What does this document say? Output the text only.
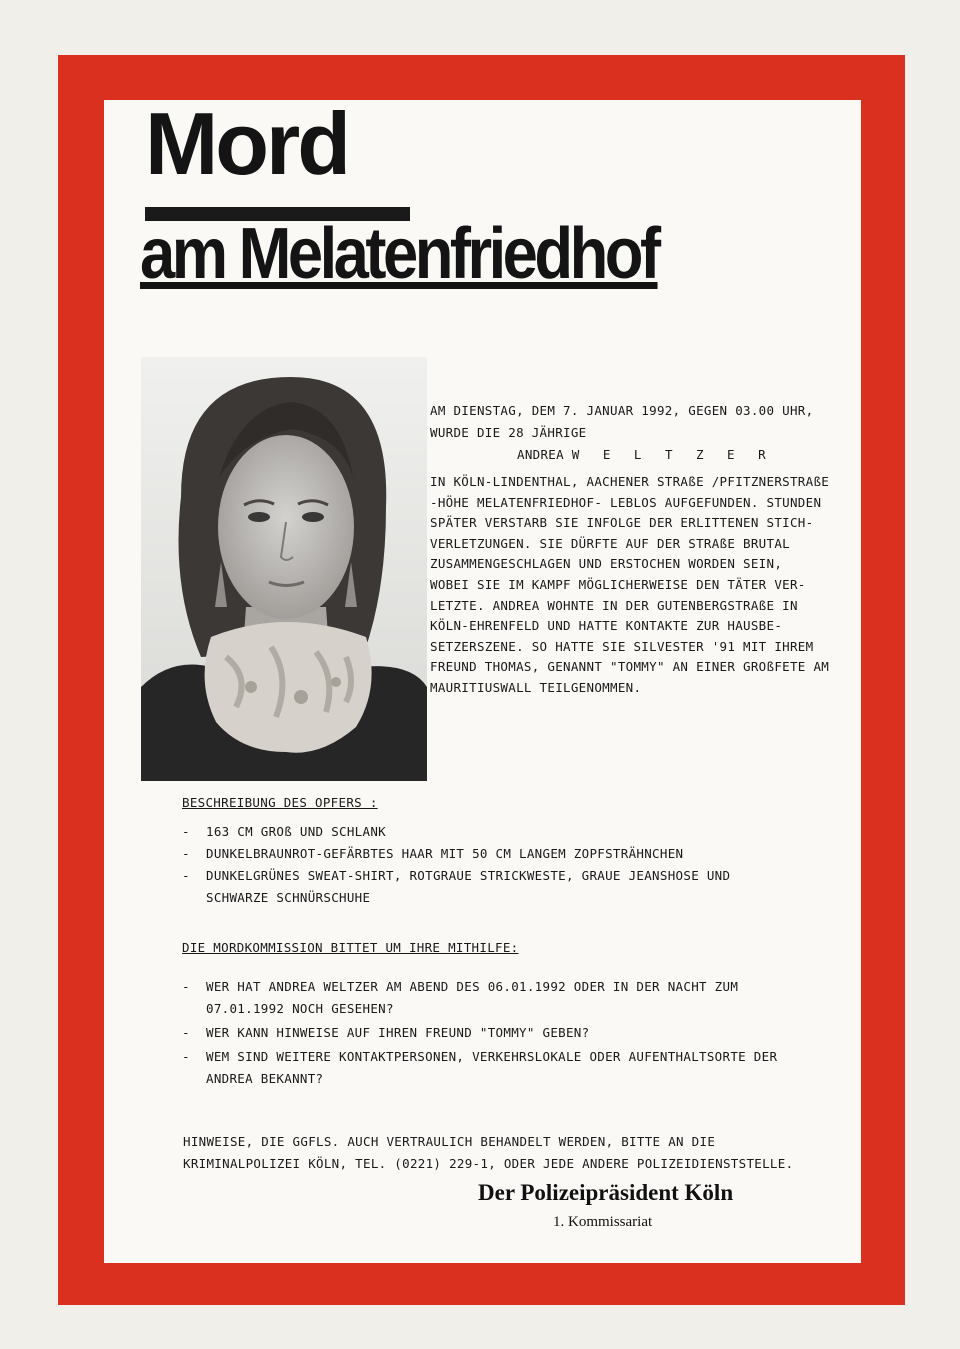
Mord
am Melatenfriedhof
AM DIENSTAG, DEM 7. JANUAR 1992, GEGEN 03.00 UHR,
WURDE DIE 28 JÄHRIGE
ANDREA W E L T Z E R
IN KÖLN-LINDENTHAL, AACHENER STRAßE /PFITZNERSTRAßE
-HÖHE MELATENFRIEDHOF- LEBLOS AUFGEFUNDEN. STUNDEN
SPÄTER VERSTARB SIE INFOLGE DER ERLITTENEN STICH-
VERLETZUNGEN. SIE DÜRFTE AUF DER STRAßE BRUTAL
ZUSAMMENGESCHLAGEN UND ERSTOCHEN WORDEN SEIN,
WOBEI SIE IM KAMPF MÖGLICHERWEISE DEN TÄTER VER-
LETZTE. ANDREA WOHNTE IN DER GUTENBERGSTRAßE IN
KÖLN-EHRENFELD UND HATTE KONTAKTE ZUR HAUSBE-
SETZERSZENE. SO HATTE SIE SILVESTER '91 MIT IHREM
FREUND THOMAS, GENANNT "TOMMY" AN EINER GROßFETE AM
MAURITIUSWALL TEILGENOMMEN.
BESCHREIBUNG DES OPFERS :
- 163 CM GROß UND SCHLANK
- DUNKELBRAUNROT-GEFÄRBTES HAAR MIT 50 CM LANGEM ZOPFSTRÄHNCHEN
- DUNKELGRÜNES SWEAT-SHIRT, ROTGRAUE STRICKWESTE, GRAUE JEANSHOSE UND
SCHWARZE SCHNÜRSCHUHE
DIE MORDKOMMISSION BITTET UM IHRE MITHILFE:
- WER HAT ANDREA WELTZER AM ABEND DES 06.01.1992 ODER IN DER NACHT ZUM
07.01.1992 NOCH GESEHEN?
- WER KANN HINWEISE AUF IHREN FREUND "TOMMY" GEBEN?
- WEM SIND WEITERE KONTAKTPERSONEN, VERKEHRSLOKALE ODER AUFENTHALTSORTE DER
ANDREA BEKANNT?
HINWEISE, DIE GGFLS. AUCH VERTRAULICH BEHANDELT WERDEN, BITTE AN DIE
KRIMINALPOLIZEI KÖLN, TEL. (0221) 229-1, ODER JEDE ANDERE POLIZEIDIENSTSTELLE.
Der Polizeipräsident Köln
1. Kommissariat
